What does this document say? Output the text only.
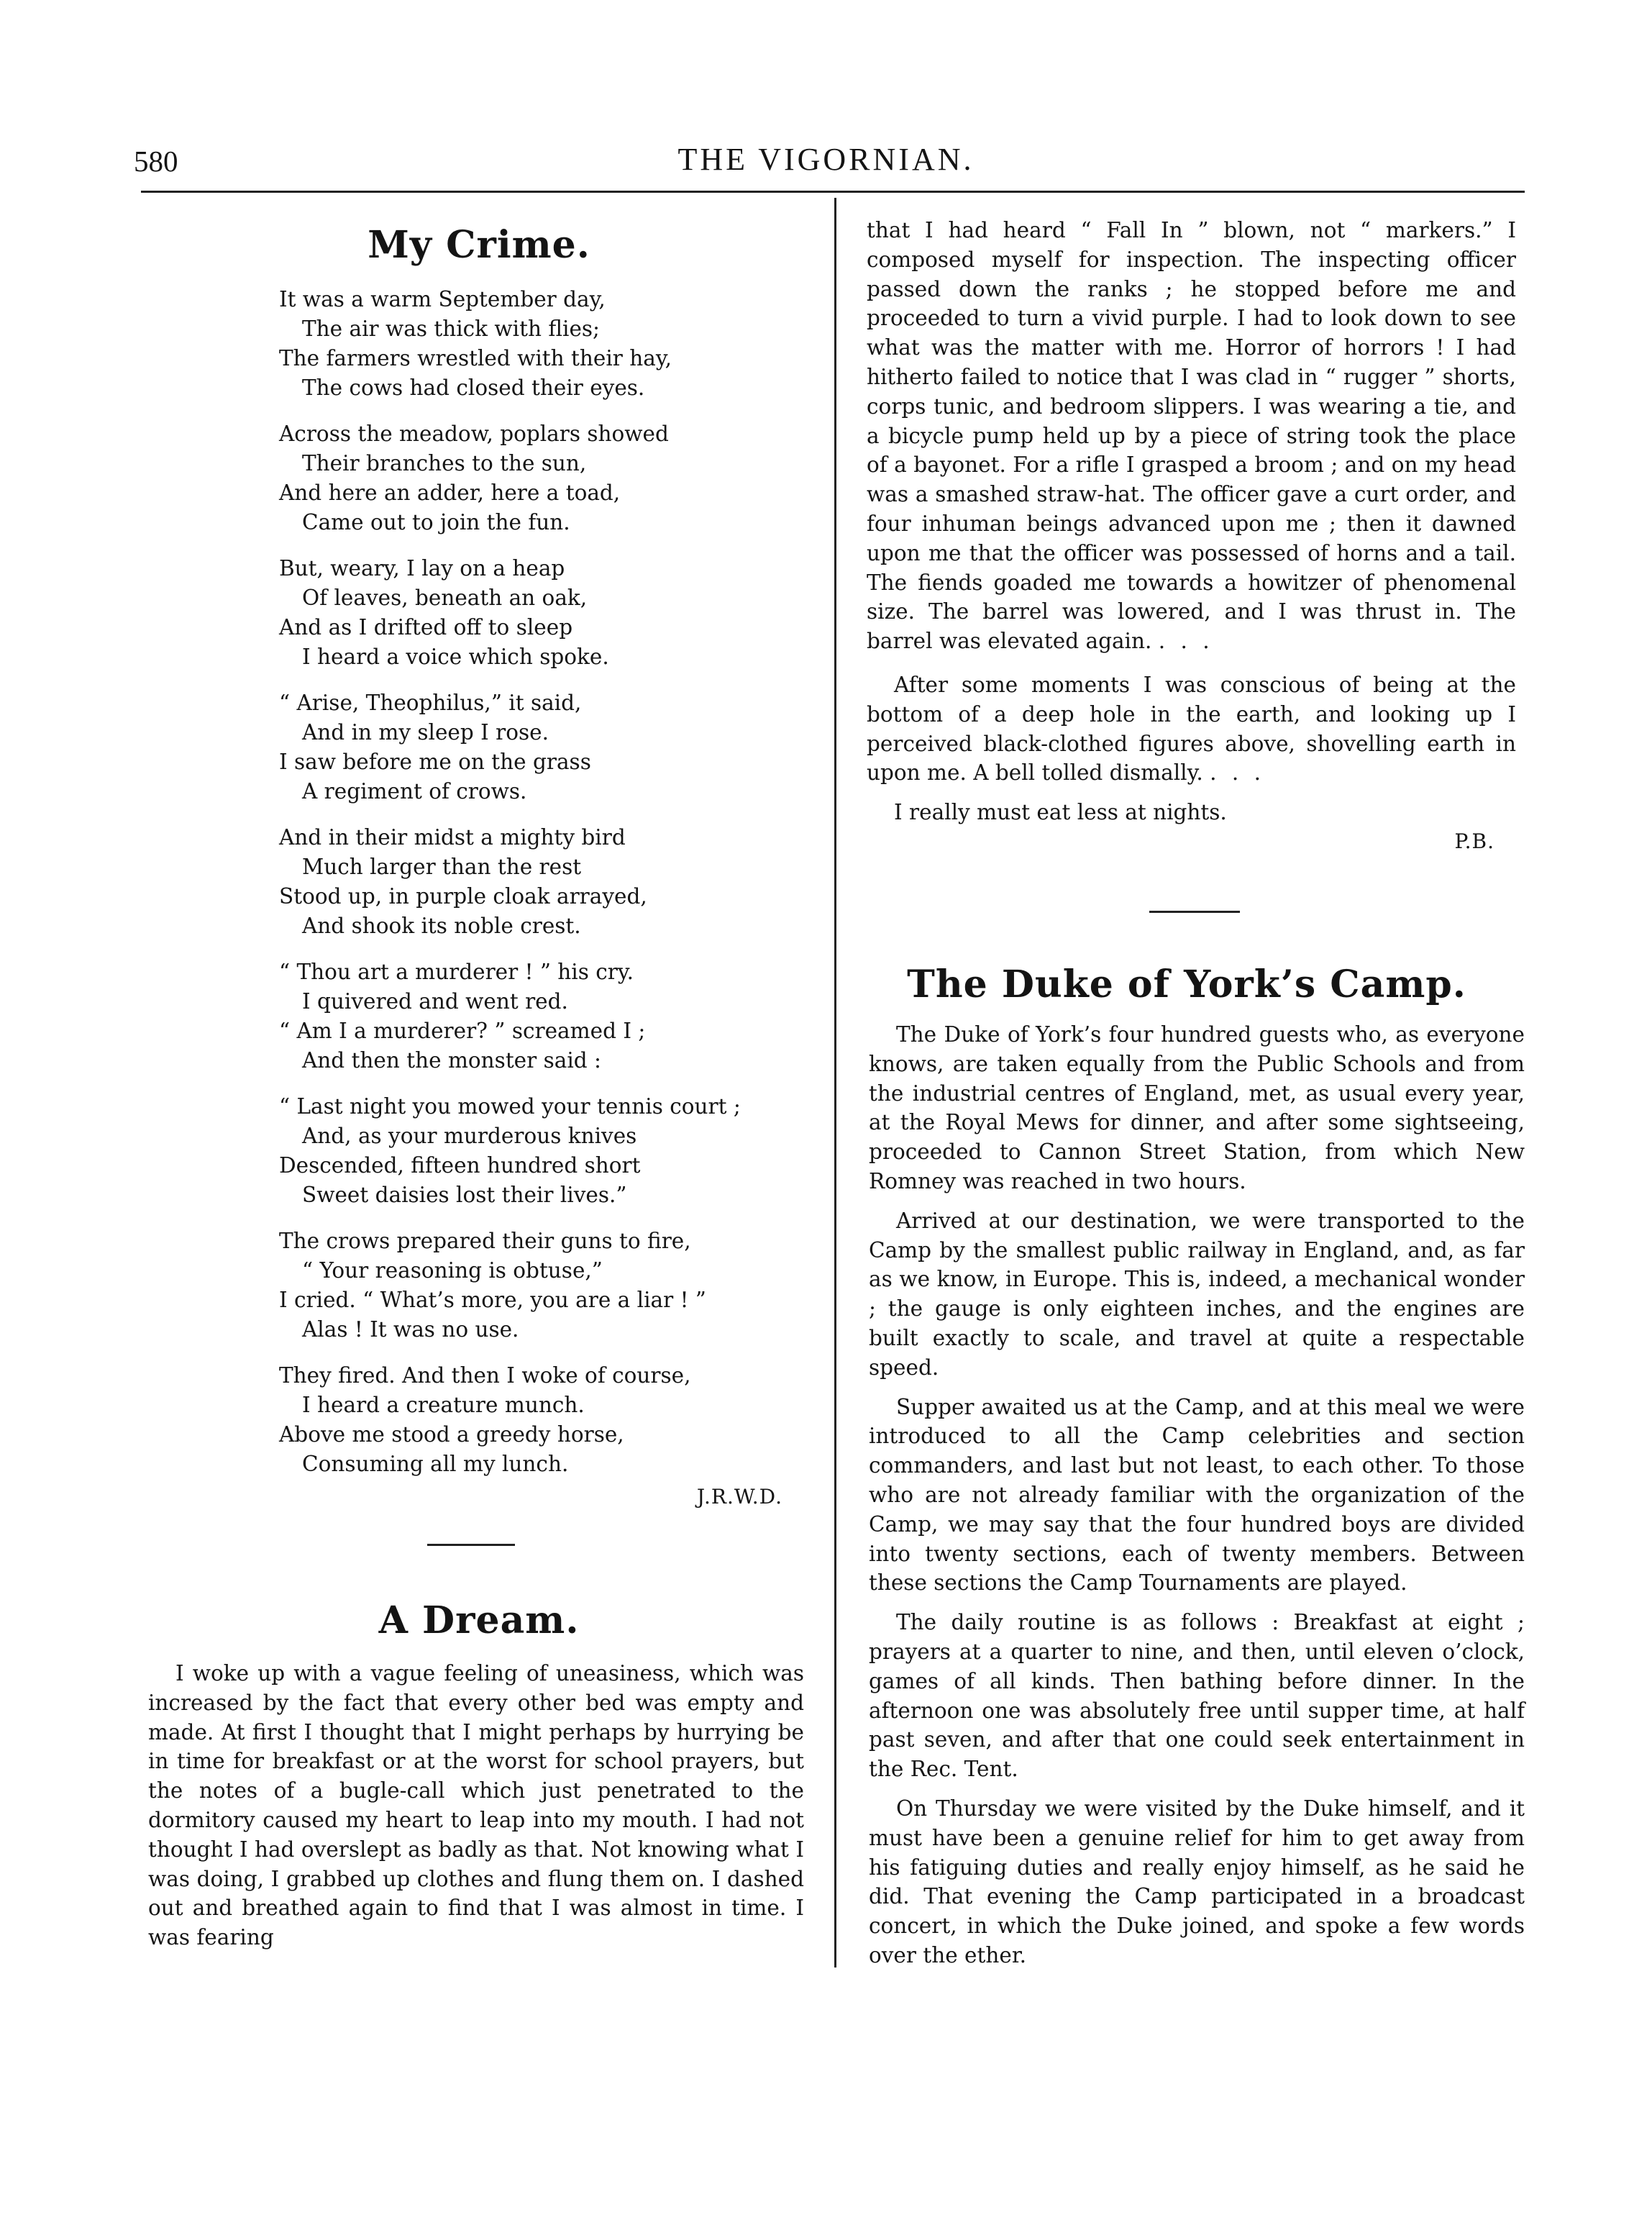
580	THE VIGORNIAN.
My Crime.
It was a warm September day,
The air was thick with flies;
The farmers wrestled with their hay,
The cows had closed their eyes.
Across the meadow, poplars showed
Their branches to the sun,
And here an adder, here a toad,
Came out to join the fun.
But, weary, I lay on a heap
Of leaves, beneath an oak,
And as I drifted off to sleep
I heard a voice which spoke.
“ Arise, Theophilus,” it said,
And in my sleep I rose.
I saw before me on the grass
A regiment of crows.
And in their midst a mighty bird
Much larger than the rest
Stood up, in purple cloak arrayed,
And shook its noble crest.
“ Thou art a murderer ! ” his cry.
I quivered and went red.
“ Am I a murderer? ” screamed I ;
And then the monster said :
“ Last night you mowed your tennis court ;
And, as your murderous knives
Descended, fifteen hundred short
Sweet daisies lost their lives.”
The crows prepared their guns to fire,
“ Your reasoning is obtuse,”
I cried. “ What’s more, you are a liar ! ”
Alas ! It was no use.
They fired. And then I woke of course,
I heard a creature munch.
Above me stood a greedy horse,
Consuming all my lunch.
J.R.W.D.
A Dream.

I woke up with a vague feeling of uneasiness, which was increased by the fact that every other bed was empty and made. At first I thought that I might perhaps by hurrying be in time for breakfast or at the worst for school prayers, but the notes of a bugle-call which just penetrated to the dormitory caused my heart to leap into my mouth. I had not thought I had overslept as badly as that. Not knowing what I was doing, I grabbed up clothes and flung them on. I dashed out and breathed again to find that I was almost in time. I was fearing

that I had heard “ Fall In ” blown, not “ markers.” I composed myself for inspection. The inspecting officer passed down the ranks ; he stopped before me and proceeded to turn a vivid purple. I had to look down to see what was the matter with me. Horror of horrors ! I had hitherto failed to notice that I was clad in “ rugger ” shorts, corps tunic, and bedroom slippers. I was wearing a tie, and a bicycle pump held up by a piece of string took the place of a bayonet. For a rifle I grasped a broom ; and on my head was a smashed straw-hat. The officer gave a curt order, and four inhuman beings advanced upon me ; then it dawned upon me that the officer was possessed of horns and a tail. The fiends goaded me towards a howitzer of phenomenal size. The barrel was lowered, and I was thrust in. The barrel was elevated again. . . .

After some moments I was conscious of being at the bottom of a deep hole in the earth, and looking up I perceived black-clothed figures above, shovelling earth in upon me. A bell tolled dismally. . . .

I really must eat less at nights.

P.B.
The Duke of York’s Camp.

The Duke of York’s four hundred guests who, as everyone knows, are taken equally from the Public Schools and from the industrial centres of England, met, as usual every year, at the Royal Mews for dinner, and after some sightseeing, proceeded to Cannon Street Station, from which New Romney was reached in two hours.

Arrived at our destination, we were transported to the Camp by the smallest public railway in England, and, as far as we know, in Europe. This is, indeed, a mechanical wonder ; the gauge is only eighteen inches, and the engines are built exactly to scale, and travel at quite a respectable speed.

Supper awaited us at the Camp, and at this meal we were introduced to all the Camp celebrities and section commanders, and last but not least, to each other. To those who are not already familiar with the organization of the Camp, we may say that the four hundred boys are divided into twenty sections, each of twenty members. Between these sections the Camp Tournaments are played.

The daily routine is as follows : Breakfast at eight ; prayers at a quarter to nine, and then, until eleven o’clock, games of all kinds. Then bathing before dinner. In the afternoon one was absolutely free until supper time, at half past seven, and after that one could seek entertainment in the Rec. Tent.

On Thursday we were visited by the Duke himself, and it must have been a genuine relief for him to get away from his fatiguing duties and really enjoy himself, as he said he did. That evening the Camp participated in a broadcast concert, in which the Duke joined, and spoke a few words over the ether.
